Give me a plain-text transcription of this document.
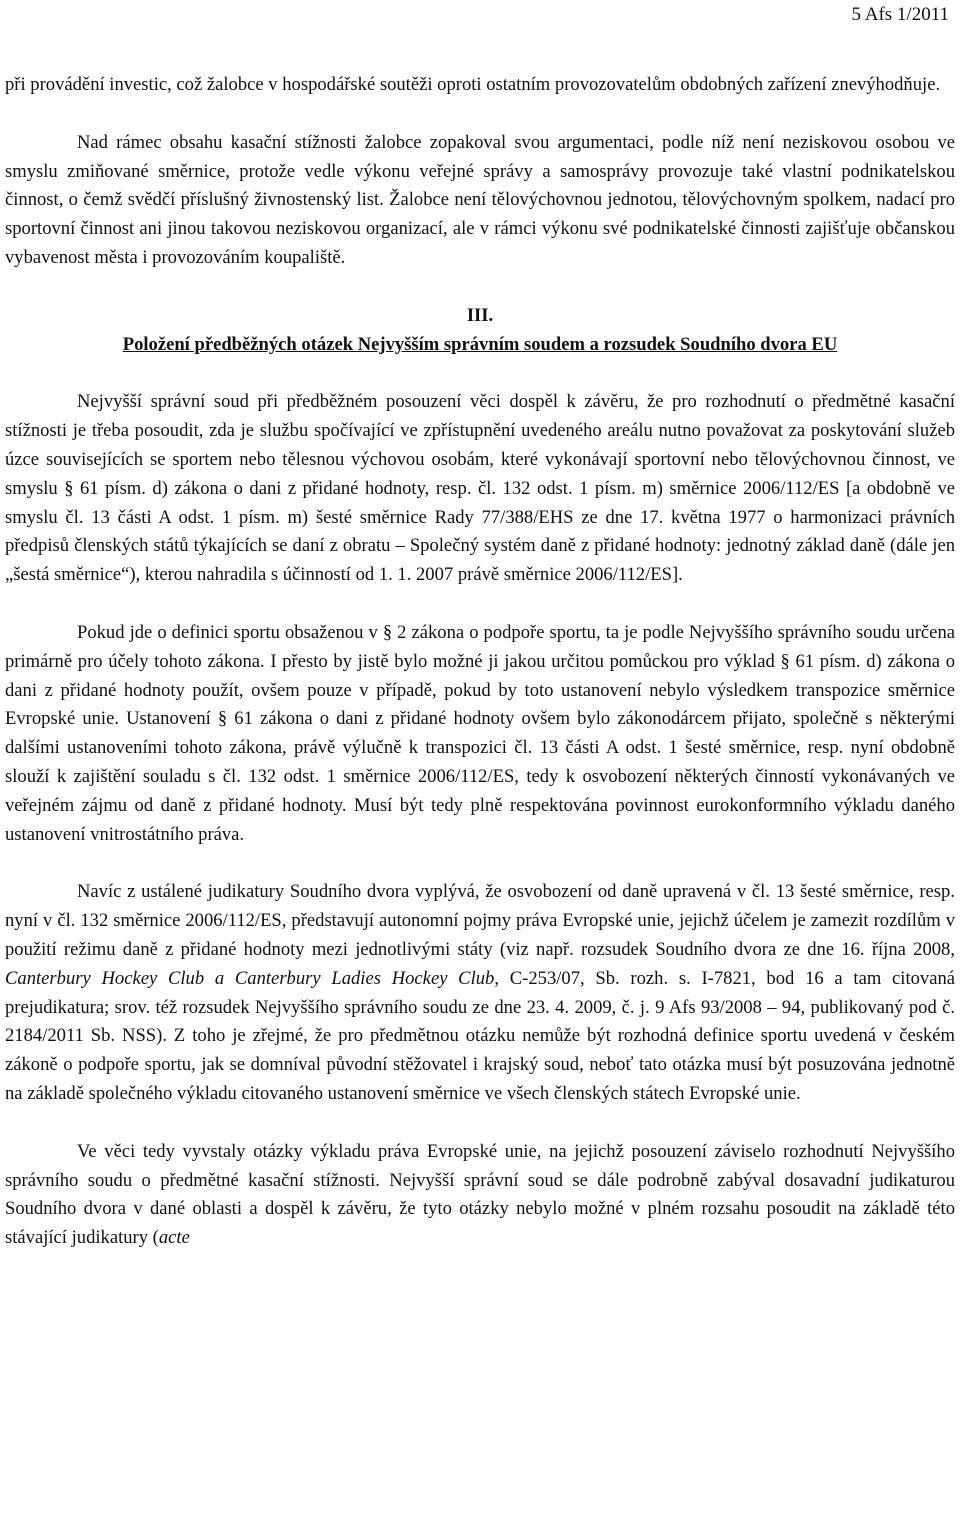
5 Afs 1/2011

při provádění investic, což žalobce v hospodářské soutěži oproti ostatním provozovatelům obdobných zařízení znevýhodňuje.

Nad rámec obsahu kasační stížnosti žalobce zopakoval svou argumentaci, podle níž není neziskovou osobou ve smyslu zmiňované směrnice, protože vedle výkonu veřejné správy a samosprávy provozuje také vlastní podnikatelskou činnost, o čemž svědčí příslušný živnostenský list. Žalobce není tělovýchovnou jednotou, tělovýchovným spolkem, nadací pro sportovní činnost ani jinou takovou neziskovou organizací, ale v rámci výkonu své podnikatelské činnosti zajišťuje občanskou vybavenost města i provozováním koupaliště.

III.

Položení předběžných otázek Nejvyšším správním soudem a rozsudek Soudního dvora EU

Nejvyšší správní soud při předběžném posouzení věci dospěl k závěru, že pro rozhodnutí o předmětné kasační stížnosti je třeba posoudit, zda je službu spočívající ve zpřístupnění uvedeného areálu nutno považovat za poskytování služeb úzce souvisejících se sportem nebo tělesnou výchovou osobám, které vykonávají sportovní nebo tělovýchovnou činnost, ve smyslu § 61 písm. d) zákona o dani z přidané hodnoty, resp. čl. 132 odst. 1 písm. m) směrnice 2006/112/ES [a obdobně ve smyslu čl. 13 části A odst. 1 písm. m) šesté směrnice Rady 77/388/EHS ze dne 17. května 1977 o harmonizaci právních předpisů členských států týkajících se daní z obratu – Společný systém daně z přidané hodnoty: jednotný základ daně (dále jen „šestá směrnice“), kterou nahradila s účinností od 1. 1. 2007 právě směrnice 2006/112/ES].

Pokud jde o definici sportu obsaženou v § 2 zákona o podpoře sportu, ta je podle Nejvyššího správního soudu určena primárně pro účely tohoto zákona. I přesto by jistě bylo možné ji jakou určitou pomůckou pro výklad § 61 písm. d) zákona o dani z přidané hodnoty použít, ovšem pouze v případě, pokud by toto ustanovení nebylo výsledkem transpozice směrnice Evropské unie. Ustanovení § 61 zákona o dani z přidané hodnoty ovšem bylo zákonodárcem přijato, společně s některými dalšími ustanoveními tohoto zákona, právě výlučně k transpozici čl. 13 části A odst. 1 šesté směrnice, resp. nyní obdobně slouží k zajištění souladu s čl. 132 odst. 1 směrnice 2006/112/ES, tedy k osvobození některých činností vykonávaných ve veřejném zájmu od daně z přidané hodnoty. Musí být tedy plně respektována povinnost eurokonformního výkladu daného ustanovení vnitrostátního práva.

Navíc z ustálené judikatury Soudního dvora vyplývá, že osvobození od daně upravená v čl. 13 šesté směrnice, resp. nyní v čl. 132 směrnice 2006/112/ES, představují autonomní pojmy práva Evropské unie, jejichž účelem je zamezit rozdílům v použití režimu daně z přidané hodnoty mezi jednotlivými státy (viz např. rozsudek Soudního dvora ze dne 16. října 2008, Canterbury Hockey Club a Canterbury Ladies Hockey Club, C-253/07, Sb. rozh. s. I-7821, bod 16 a tam citovaná prejudikatura; srov. též rozsudek Nejvyššího správního soudu ze dne 23. 4. 2009, č. j. 9 Afs 93/2008 – 94, publikovaný pod č. 2184/2011 Sb. NSS). Z toho je zřejmé, že pro předmětnou otázku nemůže být rozhodná definice sportu uvedená v českém zákoně o podpoře sportu, jak se domníval původní stěžovatel i krajský soud, neboť tato otázka musí být posuzována jednotně na základě společného výkladu citovaného ustanovení směrnice ve všech členských státech Evropské unie.

Ve věci tedy vyvstaly otázky výkladu práva Evropské unie, na jejichž posouzení záviselo rozhodnutí Nejvyššího správního soudu o předmětné kasační stížnosti. Nejvyšší správní soud se dále podrobně zabýval dosavadní judikaturou Soudního dvora v dané oblasti a dospěl k závěru, že tyto otázky nebylo možné v plném rozsahu posoudit na základě této stávající judikatury (acte
